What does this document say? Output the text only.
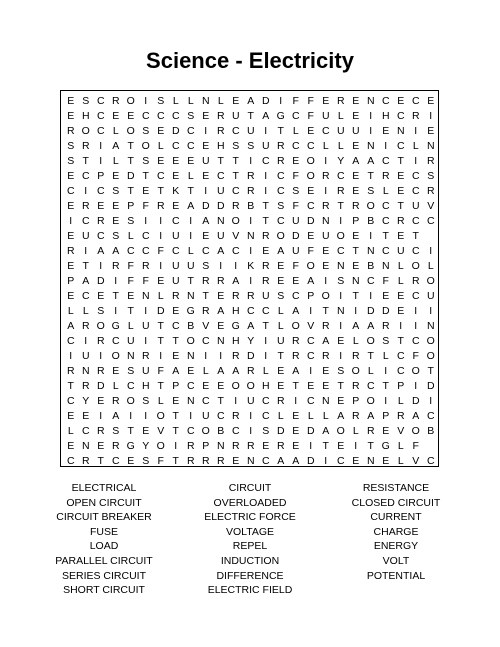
Science - Electricity
E S C R O I S L L N L E A D I F F E R E N C E C E
E H C E E C C C S E R U T A G C F U L E I H C R I
R O C L O S E D C I R C U I T L E C U U I E N I E
S R I A T O L C C E H S S U R C C L L E N I C L N
S T I	L T S E E E U T T I C R E O I Y A A C T I R
E C P E D T C E L E C T R I C F O R C E T R E C S
C I C S T E T K T I U C R I C S E I R E S L E C R
E R E E P F R E A D D R B T S F C R T R O C T U V
I C R E S I	I C I A N O I T C U D N I P B C R C C
E U C S L C I U I E U V N R O D E U O E I T E T
R I A A C C F C L C A C I E A U F E C T N C U C I
E T I R F R I U U S I	I K R E F O E N E B N L O L
P A D I F F E U T R R A I R E E A I S N C F L R O
E C E T E N L R N T E R R U S C P O I T I E E C U
L L S I T I D E G R A H C C L A I T N I D D E I	I
A R O G L U T C B V E G A T L O V R I A A R I	I N
C I R C U I T T O C N H Y I U R C A E L O S T C O
I U I O N R I E N I	I R D I T R C R I R T L C F O
R N R E S U F A E L A A R L E A I E S O L	I C O T
T R D L C H T P C E E O O H E T E E T R C T P I D
C Y E R O S L E N C T I U C R I C N E P O I	L D I
E E I A I	I O T I U C R I C L E L L A R A P R A C
L C R S T E V T C O B C I S D E D A O L R E V O B
E N E R G Y O I R P N R R E R E I T E I T G L F
C R T C E S F T R R R E N C A A D I C E N E L V C
ELECTRICAL	CIRCUIT	RESISTANCE
OPEN CIRCUIT	OVERLOADED	CLOSED CIRCUIT
CIRCUIT BREAKER	ELECTRIC FORCE	CURRENT
FUSE	VOLTAGE	CHARGE
LOAD	REPEL	ENERGY
PARALLEL CIRCUIT	INDUCTION	VOLT
SERIES CIRCUIT	DIFFERENCE	POTENTIAL
SHORT CIRCUIT	ELECTRIC FIELD
